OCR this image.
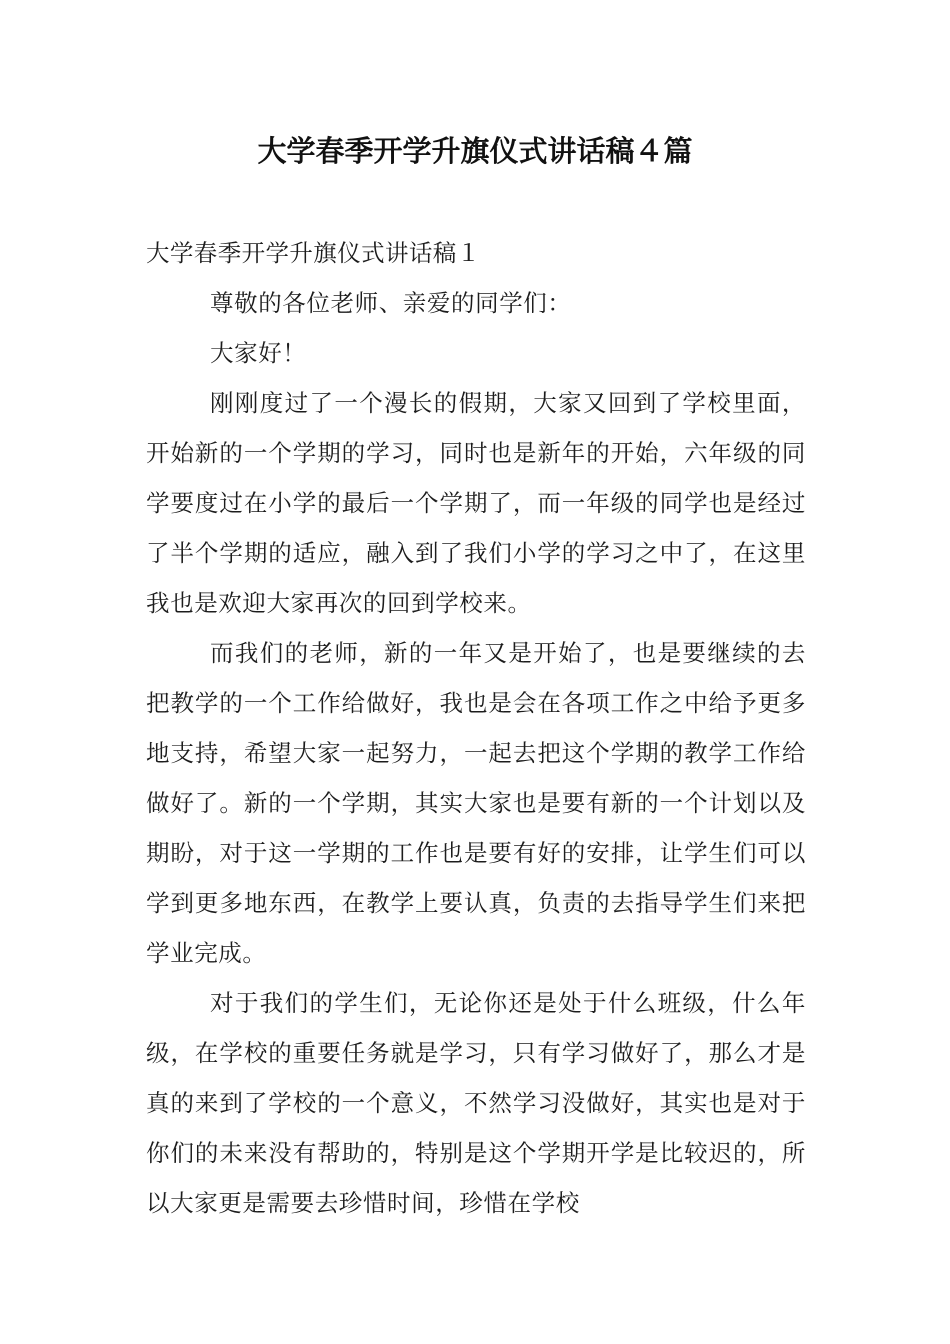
大学春季开学升旗仪式讲话稿４篇

大学春季开学升旗仪式讲话稿１

尊敬的各位老师、亲爱的同学们：

大家好！

刚刚度过了一个漫长的假期，大家又回到了学校里面，开始新的一个学期的学习，同时也是新年的开始，六年级的同学要度过在小学的最后一个学期了，而一年级的同学也是经过了半个学期的适应，融入到了我们小学的学习之中了，在这里我也是欢迎大家再次的回到学校来。

而我们的老师，新的一年又是开始了，也是要继续的去把教学的一个工作给做好，我也是会在各项工作之中给予更多地支持，希望大家一起努力，一起去把这个学期的教学工作给做好了。新的一个学期，其实大家也是要有新的一个计划以及期盼，对于这一学期的工作也是要有好的安排，让学生们可以学到更多地东西，在教学上要认真，负责的去指导学生们来把学业完成。

对于我们的学生们，无论你还是处于什么班级，什么年级，在学校的重要任务就是学习，只有学习做好了，那么才是真的来到了学校的一个意义，不然学习没做好，其实也是对于你们的未来没有帮助的，特别是这个学期开学是比较迟的，所以大家更是需要去珍惜时间，珍惜在学校
